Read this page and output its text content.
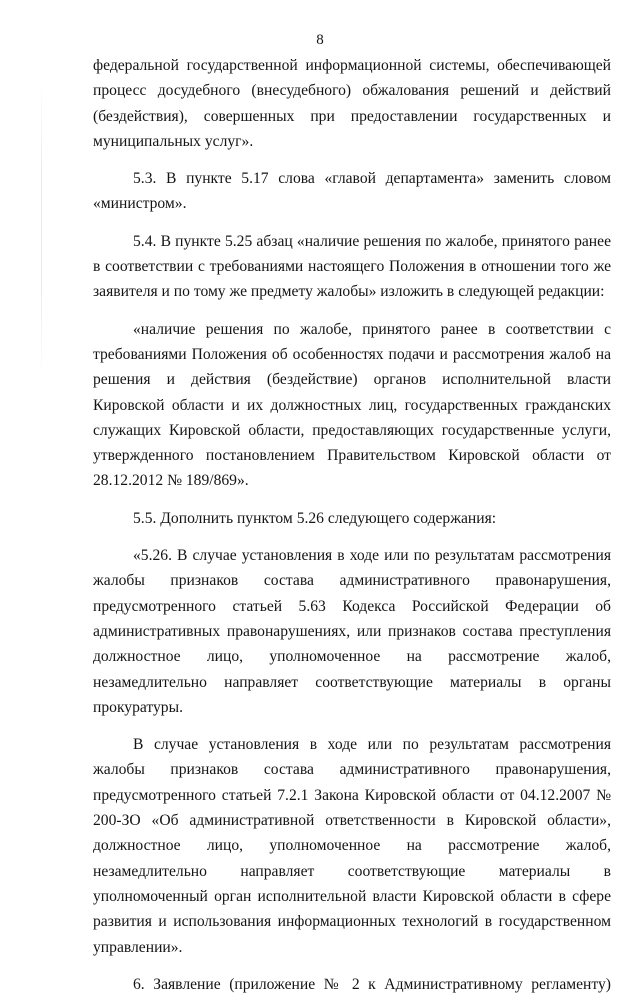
8

федеральной государственной информационной системы, обеспечивающей процесс досудебного (внесудебного) обжалования решений и действий (бездействия), совершенных при предоставлении государственных и муниципальных услуг».

5.3. В пункте 5.17 слова «главой департамента» заменить словом «министром».

5.4. В пункте 5.25 абзац «наличие решения по жалобе, принятого ранее в соответствии с требованиями настоящего Положения в отношении того же заявителя и по тому же предмету жалобы» изложить в следующей редакции:

«наличие решения по жалобе, принятого ранее в соответствии с требованиями Положения об особенностях подачи и рассмотрения жалоб на решения и действия (бездействие) органов исполнительной власти Кировской области и их должностных лиц, государственных гражданских служащих Кировской области, предоставляющих государственные услуги, утвержденного постановлением Правительством Кировской области от 28.12.2012 № 189/869».

5.5. Дополнить пунктом 5.26 следующего содержания:

«5.26. В случае установления в ходе или по результатам рассмотрения жалобы признаков состава административного правонарушения, предусмотренного статьей 5.63 Кодекса Российской Федерации об административных правонарушениях, или признаков состава преступления должностное лицо, уполномоченное на рассмотрение жалоб, незамедлительно направляет соответствующие материалы в органы прокуратуры.

В случае установления в ходе или по результатам рассмотрения жалобы признаков состава административного правонарушения, предусмотренного статьей 7.2.1 Закона Кировской области от 04.12.2007 № 200-ЗО «Об административной ответственности в Кировской области», должностное лицо, уполномоченное на рассмотрение жалоб, незамедлительно направляет соответствующие материалы в уполномоченный орган исполнительной власти Кировской области в сфере развития и использования информационных технологий в государственном управлении».

6. Заявление (приложение № 2 к Административному регламенту)
